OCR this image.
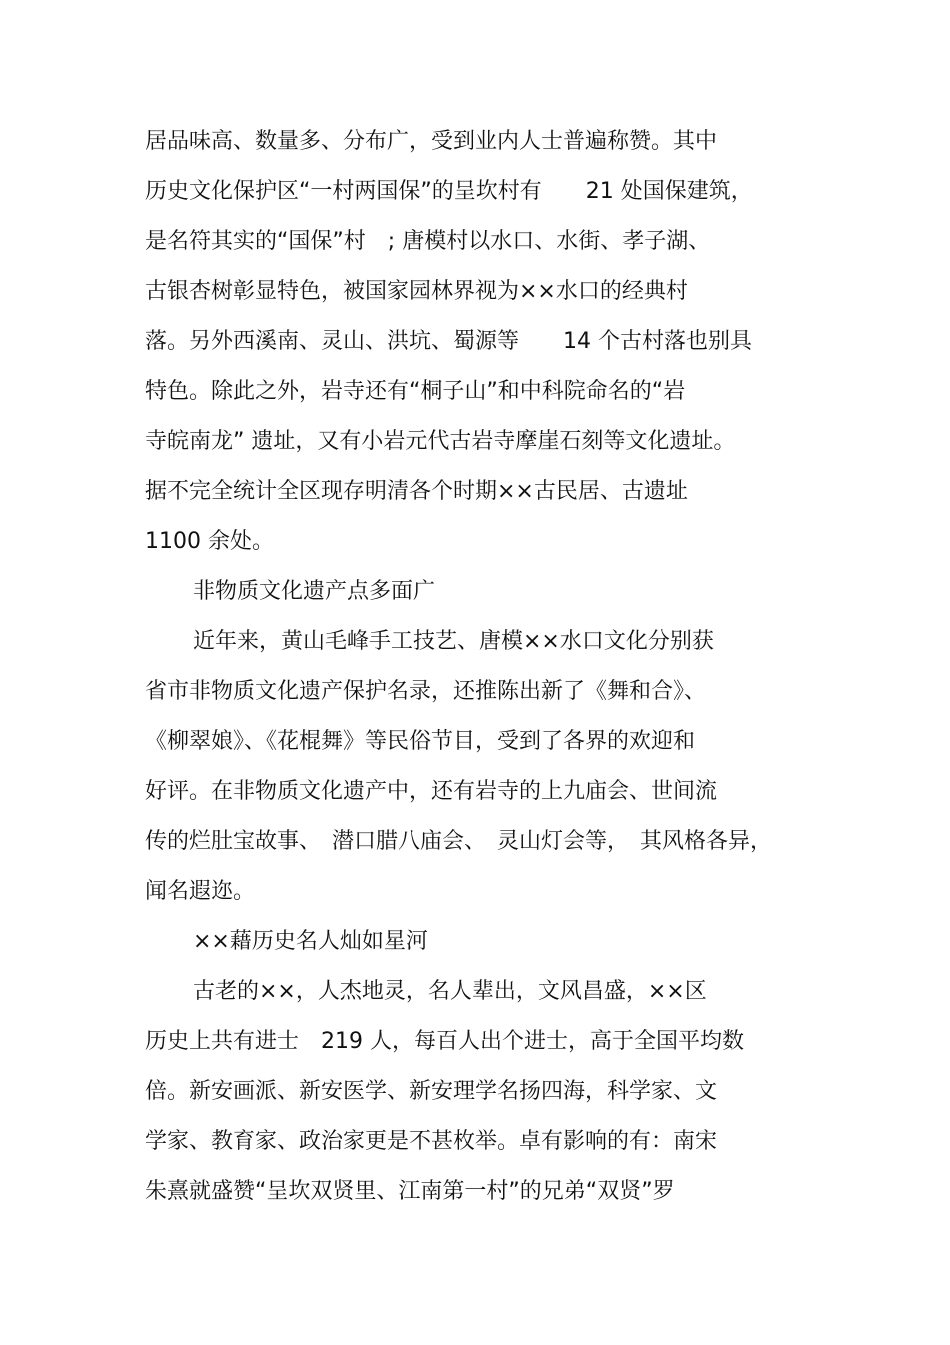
居品味高、数量多、分布广，受到业内人士普遍称赞。其中
历史文化保护区“一村两国保”的呈坎村有　　21 处国保建筑，
是名符其实的“国保”村　; 唐模村以水口、水街、孝子湖、
古银杏树彰显特色，被国家园林界视为××水口的经典村
落。另外西溪南、灵山、洪坑、蜀源等　　14 个古村落也别具
特色。除此之外，岩寺还有“桐子山”和中科院命名的“岩
寺皖南龙” 遗址，又有小岩元代古岩寺摩崖石刻等文化遗址。
据不完全统计全区现存明清各个时期××古民居、古遗址
1100 余处。
非物质文化遗产点多面广
近年来，黄山毛峰手工技艺、唐模××水口文化分别获
省市非物质文化遗产保护名录，还推陈出新了《舞和合》、
《柳翠娘》、《花棍舞》等民俗节目，受到了各界的欢迎和
好评。在非物质文化遗产中，还有岩寺的上九庙会、世间流
传的烂肚宝故事、　潜口腊八庙会、　灵山灯会等，　其风格各异，
闻名遐迩。
××藉历史名人灿如星河
古老的××，人杰地灵，名人辈出，文风昌盛，××区
历史上共有进士　219 人，每百人出个进士，高于全国平均数
倍。新安画派、新安医学、新安理学名扬四海，科学家、文
学家、教育家、政治家更是不甚枚举。卓有影响的有：南宋
朱熹就盛赞“呈坎双贤里、江南第一村”的兄弟“双贤”罗
